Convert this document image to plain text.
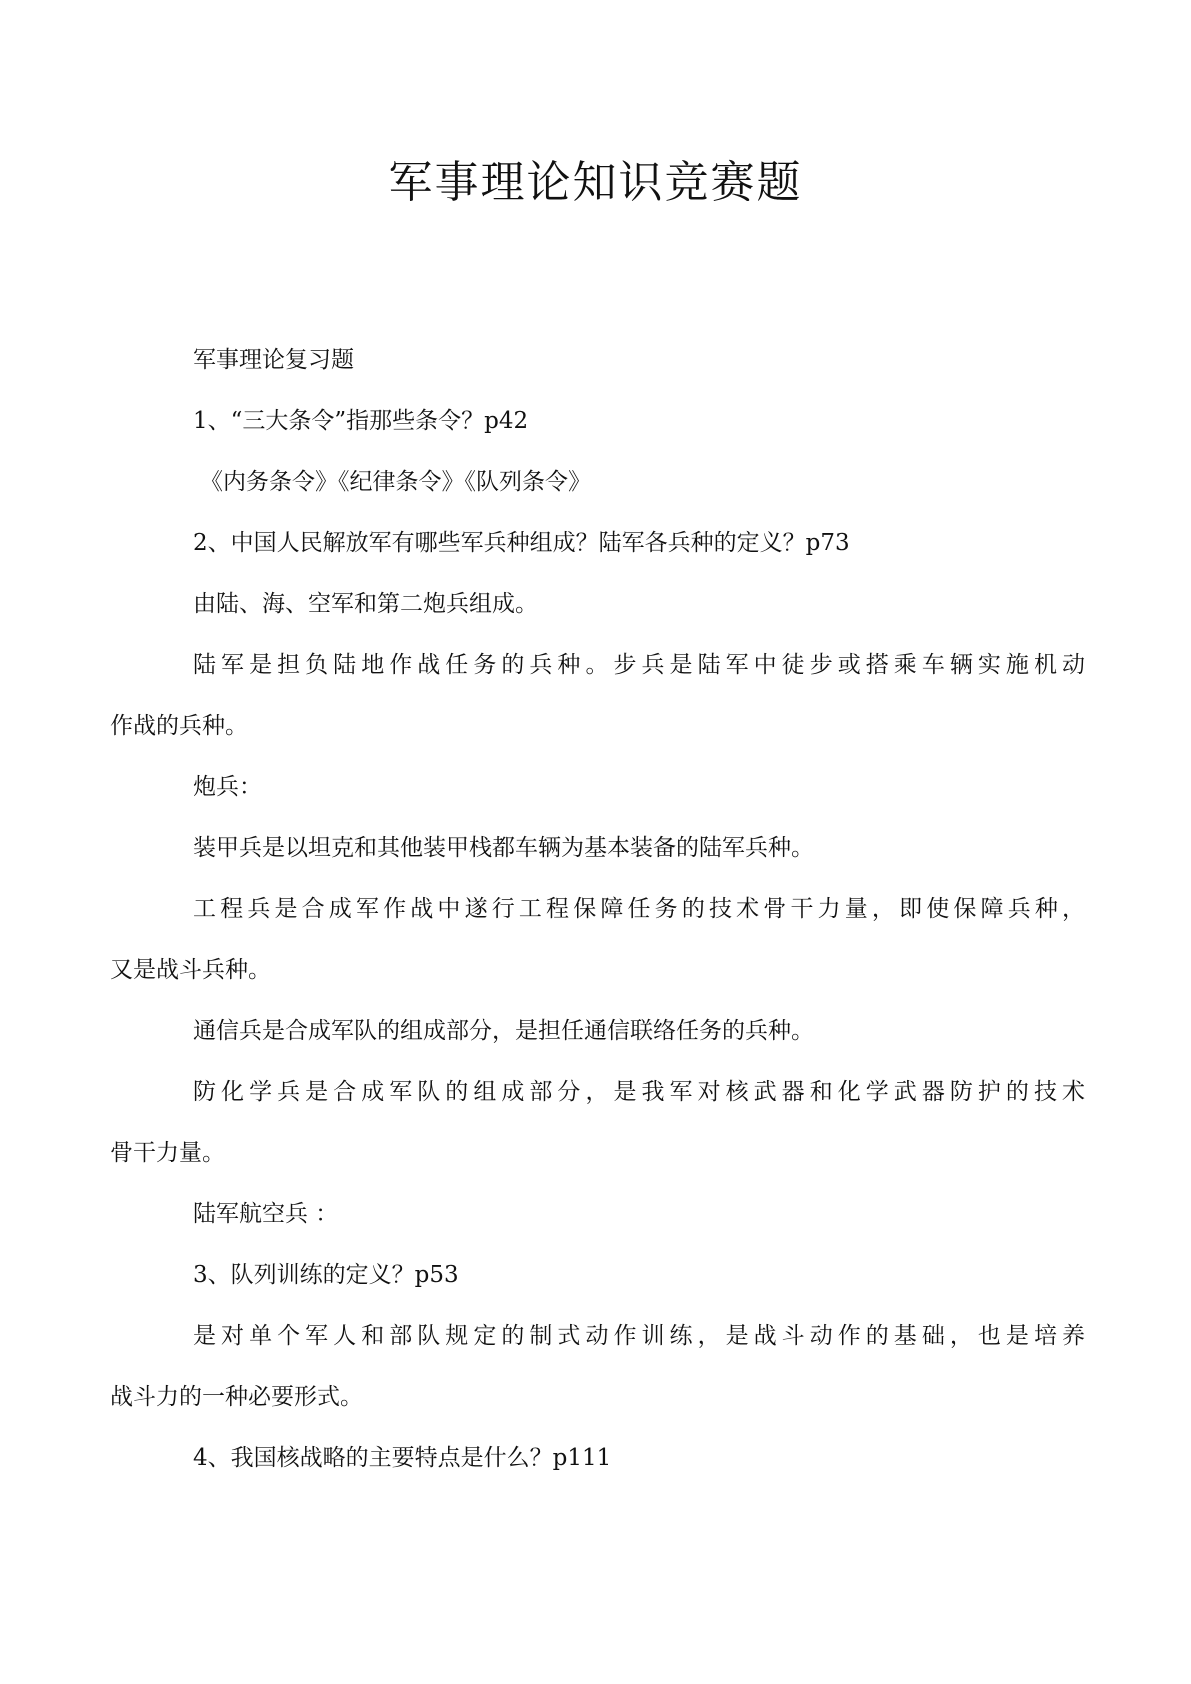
军事理论知识竞赛题
军事理论复习题
1、“三大条令”指那些条令？p42
《内务条令》《纪律条令》《队列条令》
2、中国人民解放军有哪些军兵种组成？陆军各兵种的定义？p73
由陆、海、空军和第二炮兵组成。
陆军是担负陆地作战任务的兵种。步兵是陆军中徒步或搭乘车辆实施机动
作战的兵种。
炮兵：
装甲兵是以坦克和其他装甲栈都车辆为基本装备的陆军兵种。
工程兵是合成军作战中遂行工程保障任务的技术骨干力量，即使保障兵种，
又是战斗兵种。
通信兵是合成军队的组成部分，是担任通信联络任务的兵种。
防化学兵是合成军队的组成部分，是我军对核武器和化学武器防护的技术
骨干力量。
陆军航空兵 ：
3、队列训练的定义？p53
是对单个军人和部队规定的制式动作训练，是战斗动作的基础，也是培养
战斗力的一种必要形式。
4、我国核战略的主要特点是什么？p111
